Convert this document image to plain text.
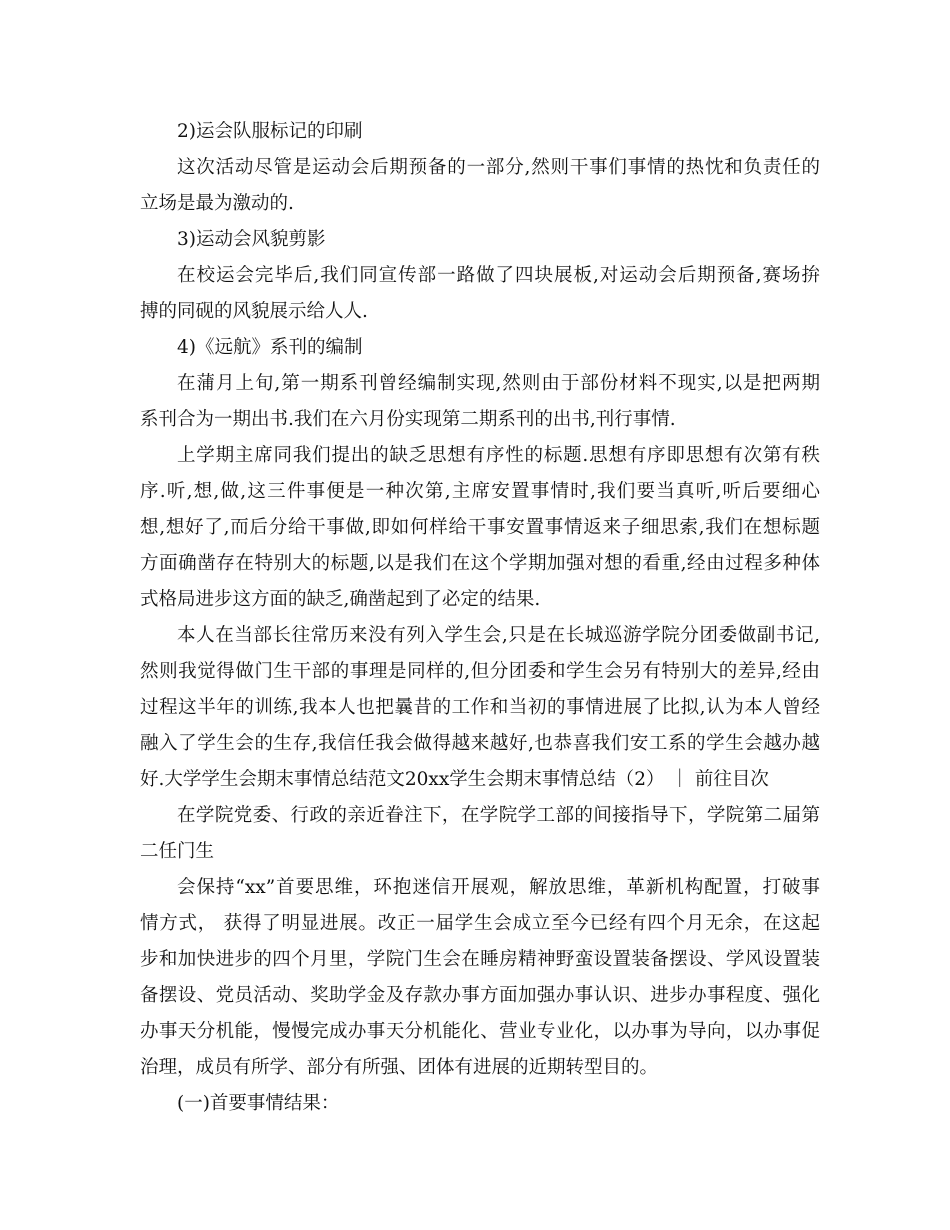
2)运会队服标记的印刷
这次活动尽管是运动会后期预备的一部分,然则干事们事情的热忱和负责任的
立场是最为激动的.
3)运动会风貌剪影
在校运会完毕后,我们同宣传部一路做了四块展板,对运动会后期预备,赛场拚
搏的同砚的风貌展示给人人.
4)《远航》系刊的编制
在蒲月上旬,第一期系刊曾经编制实现,然则由于部份材料不现实,以是把两期
系刊合为一期出书.我们在六月份实现第二期系刊的出书,刊行事情.
上学期主席同我们提出的缺乏思想有序性的标题.思想有序即思想有次第有秩
序.听,想,做,这三件事便是一种次第,主席安置事情时,我们要当真听,听后要细心
想,想好了,而后分给干事做,即如何样给干事安置事情返来子细思索,我们在想标题
方面确凿存在特别大的标题,以是我们在这个学期加强对想的看重,经由过程多种体
式格局进步这方面的缺乏,确凿起到了必定的结果.
本人在当部长往常历来没有列入学生会,只是在长城巡游学院分团委做副书记,
然则我觉得做门生干部的事理是同样的,但分团委和学生会另有特别大的差异,经由
过程这半年的训练,我本人也把曩昔的工作和当初的事情进展了比拟,认为本人曾经
融入了学生会的生存,我信任我会做得越来越好,也恭喜我们安工系的学生会越办越
好.大学学生会期末事情总结范文20xx学生会期末事情总结（2） ｜ 前往目次
在学院党委、行政的亲近眷注下，在学院学工部的间接指导下，学院第二届第
二任门生
会保持“xx”首要思维，环抱迷信开展观，解放思维，革新机构配置，打破事
情方式， 获得了明显进展。改正一届学生会成立至今已经有四个月无余，在这起
步和加快进步的四个月里，学院门生会在睡房精神野蛮设置装备摆设、学风设置装
备摆设、党员活动、奖助学金及存款办事方面加强办事认识、进步办事程度、强化
办事天分机能，慢慢完成办事天分机能化、营业专业化，以办事为导向，以办事促
治理，成员有所学、部分有所强、团体有进展的近期转型目的。
(一)首要事情结果：
